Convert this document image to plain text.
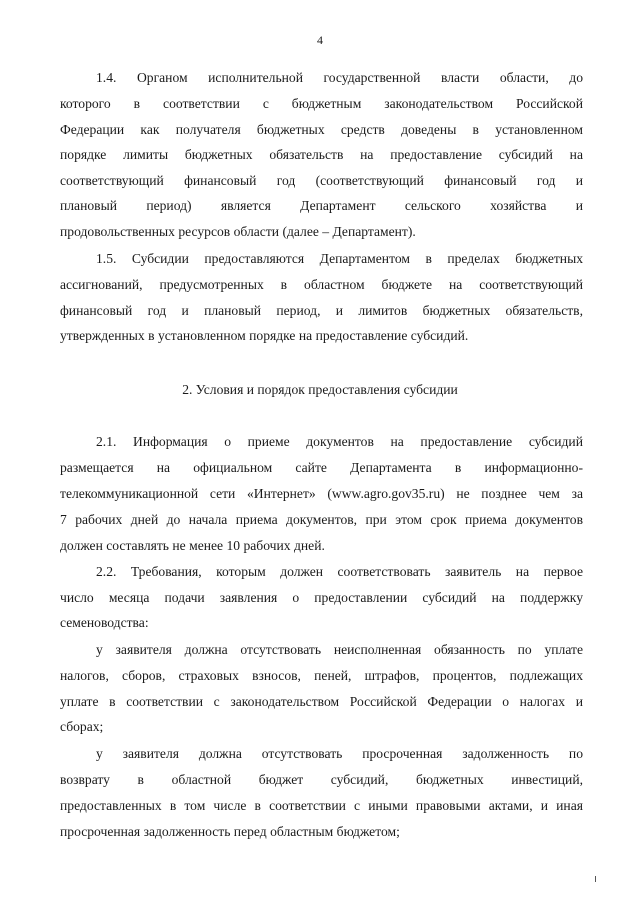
4
1.4. Органом исполнительной государственной власти области, до
которого в соответствии с бюджетным законодательством Российской
Федерации как получателя бюджетных средств доведены в установленном
порядке лимиты бюджетных обязательств на предоставление субсидий на
соответствующий финансовый год (соответствующий финансовый год и
плановый период) является Департамент сельского хозяйства и
продовольственных ресурсов области (далее – Департамент).
1.5. Субсидии предоставляются Департаментом в пределах бюджетных
ассигнований, предусмотренных в областном бюджете на соответствующий
финансовый год и плановый период, и лимитов бюджетных обязательств,
утвержденных в установленном порядке на предоставление субсидий.
2. Условия и порядок предоставления субсидии
2.1. Информация о приеме документов на предоставление субсидий
размещается на официальном сайте Департамента в информационно-
телекоммуникационной сети «Интернет» (www.agro.gov35.ru) не позднее чем за
7 рабочих дней до начала приема документов, при этом срок приема документов
должен составлять не менее 10 рабочих дней.
2.2. Требования, которым должен соответствовать заявитель на первое
число месяца подачи заявления о предоставлении субсидий на поддержку
семеноводства:
у заявителя должна отсутствовать неисполненная обязанность по уплате
налогов, сборов, страховых взносов, пеней, штрафов, процентов, подлежащих
уплате в соответствии с законодательством Российской Федерации о налогах и
сборах;
у заявителя должна отсутствовать просроченная задолженность по
возврату в областной бюджет субсидий, бюджетных инвестиций,
предоставленных в том числе в соответствии с иными правовыми актами, и иная
просроченная задолженность перед областным бюджетом;
